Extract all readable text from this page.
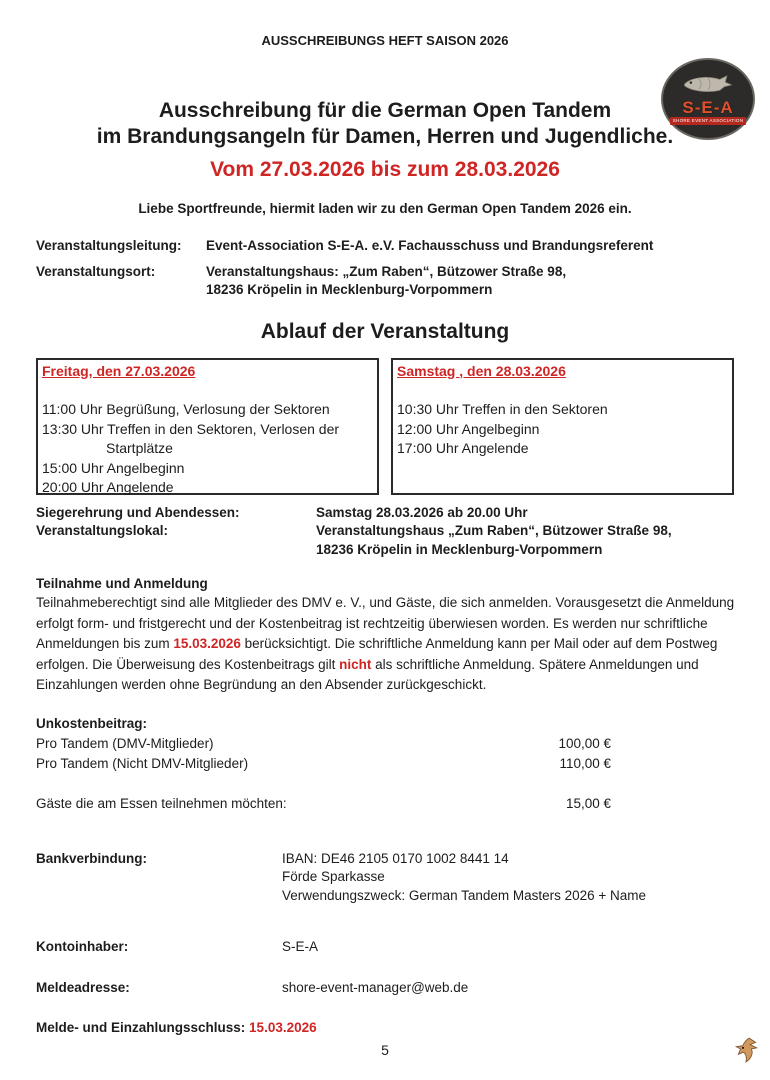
AUSSCHREIBUNGS HEFT SAISON 2026
S-E-A
SHORE EVENT ASSOCIATION
Ausschreibung für die German Open Tandem
im Brandungsangeln für Damen, Herren und Jugendliche.
Vom 27.03.2026 bis zum 28.03.2026
Liebe Sportfreunde, hiermit laden wir zu den German Open Tandem 2026 ein.
Veranstaltungsleitung:	Event-Association S-E-A. e.V. Fachausschuss und Brandungsreferent
Veranstaltungsort:	Veranstaltungshaus: „Zum Raben“, Bützower Straße 98,
18236 Kröpelin in Mecklenburg-Vorpommern
Ablauf der Veranstaltung
Freitag, den 27.03.2026
11:00 Uhr Begrüßung, Verlosung der Sektoren
13:30 Uhr Treffen in den Sektoren, Verlosen der Startplätze
15:00 Uhr Angelbeginn
20:00 Uhr Angelende
Samstag , den 28.03.2026
10:30 Uhr Treffen in den Sektoren
12:00 Uhr Angelbeginn
17:00 Uhr Angelende
Siegerehrung und Abendessen:	Samstag 28.03.2026 ab 20.00 Uhr
Veranstaltungslokal:	Veranstaltungshaus „Zum Raben“, Bützower Straße 98,
18236 Kröpelin in Mecklenburg-Vorpommern
Teilnahme und Anmeldung
Teilnahmeberechtigt sind alle Mitglieder des DMV e. V., und Gäste, die sich anmelden. Vorausgesetzt die Anmeldung erfolgt form- und fristgerecht und der Kostenbeitrag ist rechtzeitig überwiesen worden. Es werden nur schriftliche Anmeldungen bis zum 15.03.2026 berücksichtigt. Die schriftliche Anmeldung kann per Mail oder auf dem Postweg erfolgen. Die Überweisung des Kostenbeitrags gilt nicht als schriftliche Anmeldung. Spätere Anmeldungen und Einzahlungen werden ohne Begründung an den Absender zurückgeschickt.
Unkostenbeitrag:
Pro Tandem (DMV-Mitglieder)	100,00 €
Pro Tandem (Nicht DMV-Mitglieder)	110,00 €
Gäste die am Essen teilnehmen möchten:	15,00 €
Bankverbindung:	IBAN: DE46 2105 0170 1002 8441 14
Förde Sparkasse
Verwendungszweck: German Tandem Masters 2026 + Name
Kontoinhaber:	S-E-A
Meldeadresse:	shore-event-manager@web.de
Melde- und Einzahlungsschluss: 15.03.2026
5
